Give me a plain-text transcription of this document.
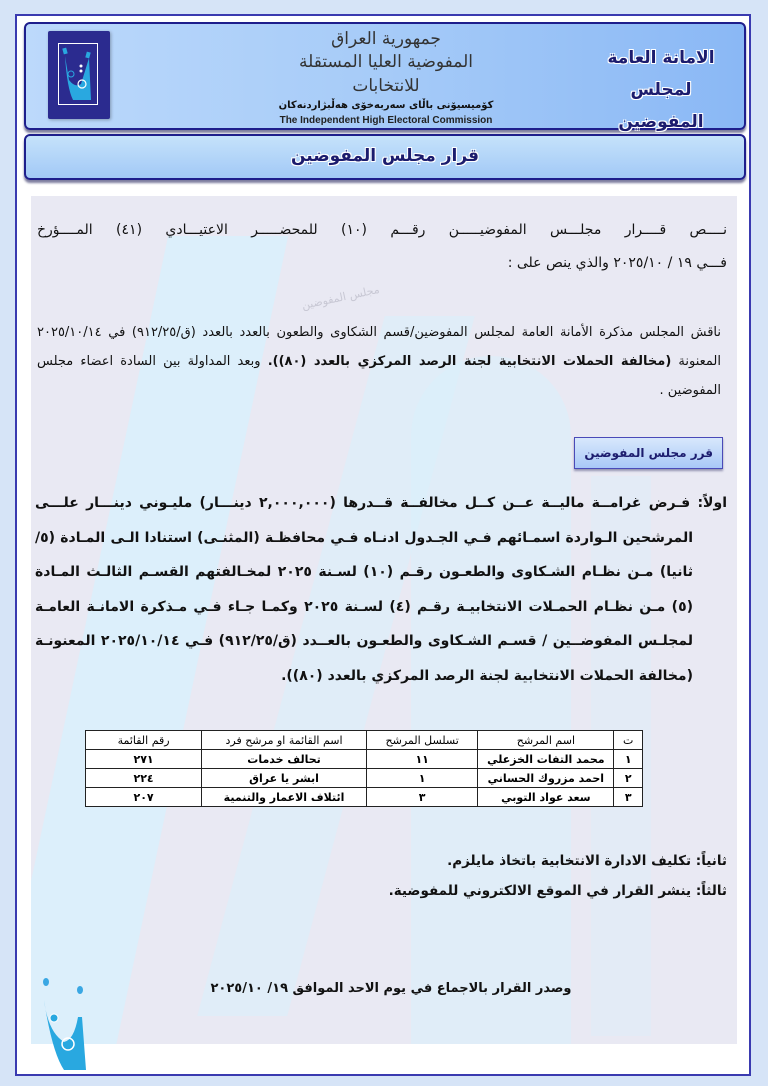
جمهورية العراق
المفوضية العليا المستقلة للانتخابات
كۆمیسیۆنی باڵای سەربەخۆی هەڵبژاردنەکان
The Independent High Electoral Commission
الامانة العامة
لمجلس المفوضين
قرار مجلس المفوضين
مجلس المفوضين
نــــص قــــرار مجلـــس المفوضيـــــن رقـــم (١٠) للمحضـــــر الاعتيـــادي (٤١) المــــؤرخ
فـــي ١٩ / ٢٠٢٥/١٠ والذي ينص على :
ناقش المجلس مذكرة الأمانة العامة لمجلس المفوضين/قسم الشكاوى والطعون بالعدد بالعدد (ق/٩١٢/٢٥) في ٢٠٢٥/١٠/١٤ المعنونة (مخالفة الحملات الانتخابية لجنة الرصد المركزي بالعدد (٨٠)). وبعد المداولة بين السادة اعضاء مجلس المفوضين .
قرر مجلس المفوضين
اولاً: فـرض غرامــة ماليــة عــن كــل مخالفــة قــدرها (٢,٠٠٠,٠٠٠ دينـــار) مليـوني دينـــار علـــى
المرشحين الـواردة اسمـائهم فـي الجـدول ادنـاه فـي محافظـة (المثنـى) استنادا الـى المـادة (٥/ثانيا) مـن نظـام الشـكاوى والطعـون رقـم (١٠) لسـنة ٢٠٢٥ لمخـالفتهم القسـم الثالـث المـادة (٥) مـن نظـام الحمـلات الانتخابيـة رقـم (٤) لسـنة ٢٠٢٥ وكمـا جـاء فـي مـذكرة الامانـة العامـة لمجلـس المفوضــين / قسـم الشـكاوى والطعـون بالعــدد (ق/٩١٢/٢٥) فـي ٢٠٢٥/١٠/١٤ المعنونـة (مخالفة الحملات الانتخابية لجنة الرصد المركزي بالعدد (٨٠)).
ت	اسم المرشح	تسلسل المرشح	اسم القائمة او مرشح فرد	رقم القائمة
١	محمد التفات الخزعلي	١١	تحالف خدمات	٢٧١
٢	احمد مزروك الحساني	١	ابشر يا عراق	٢٢٤
٣	سعد عواد التوبي	٣	ائتلاف الاعمار والتنمية	٢٠٧
ثانياً: تكليف الادارة الانتخابية باتخاذ مايلزم.
ثالثاً: ينشر القرار في الموقع الالكتروني للمفوضية.
وصدر القرار بالاجماع في يوم الاحد الموافق ١٩/ ٢٠٢٥/١٠
